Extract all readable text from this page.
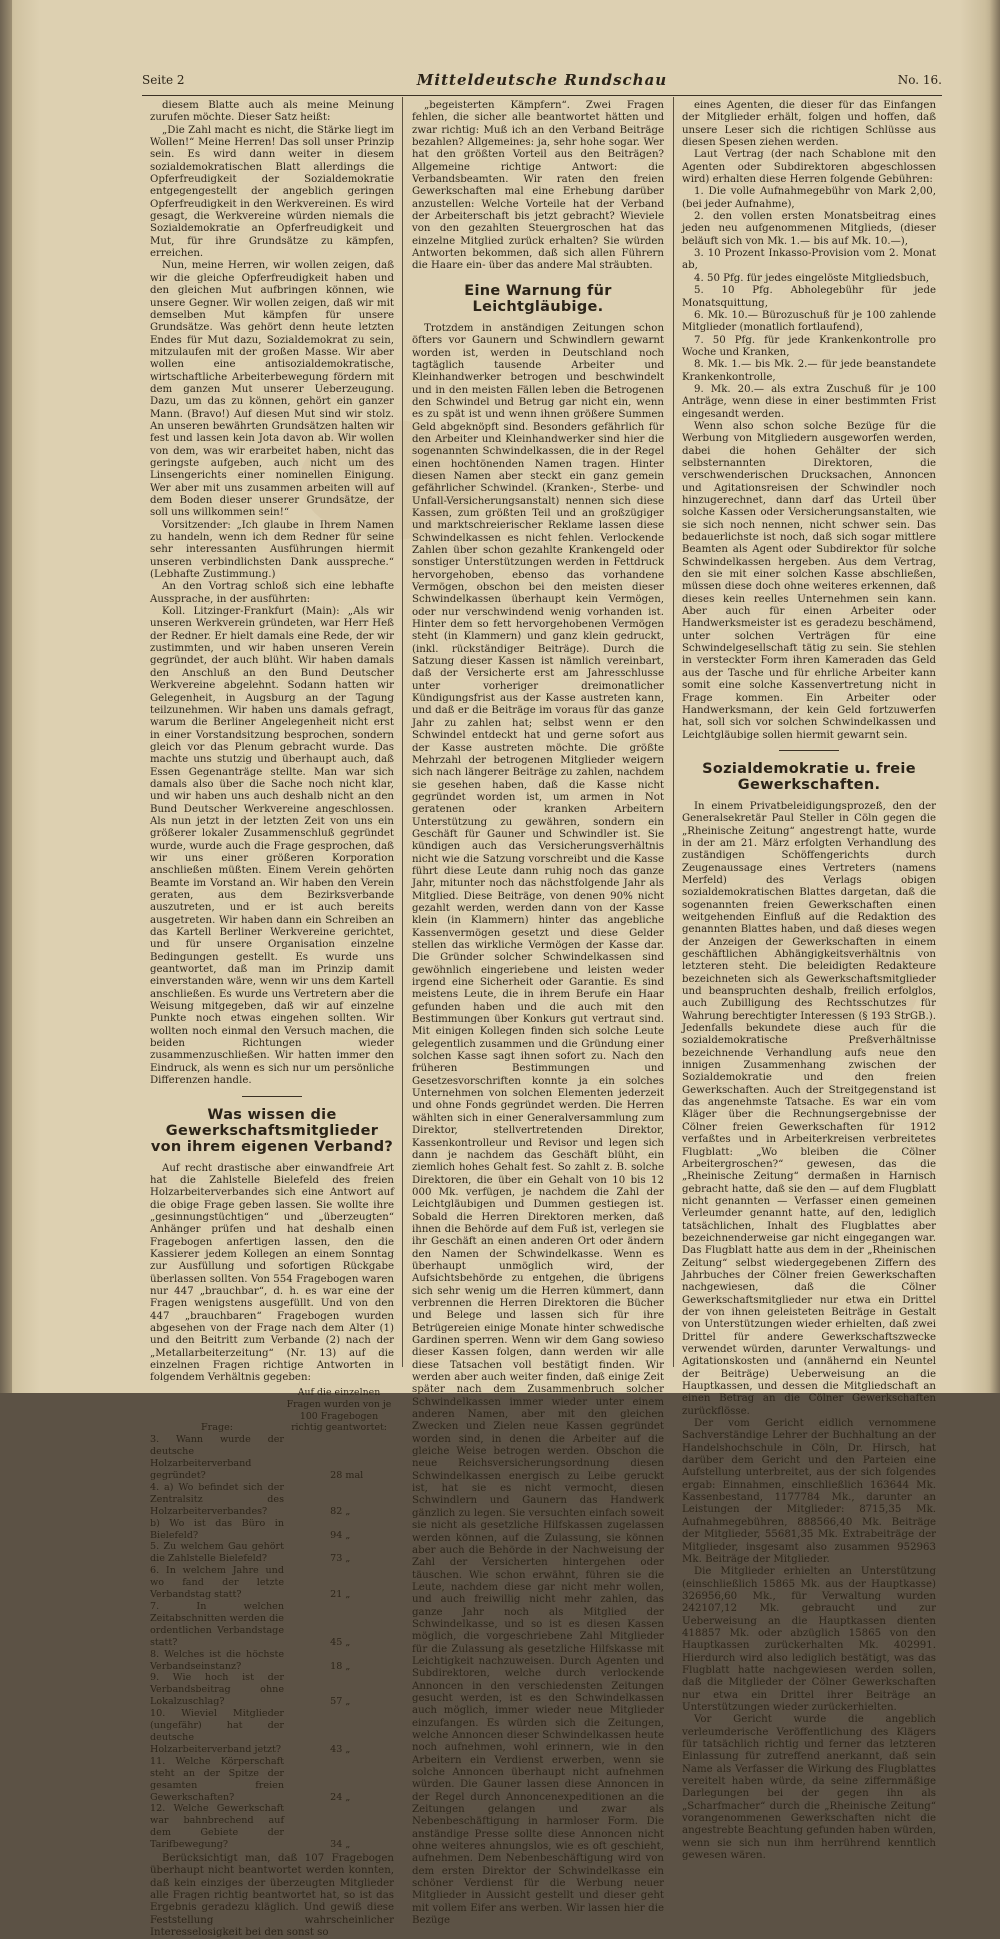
Seite 2	Mitteldeutsche Rundschau	No. 16.

diesem Blatte auch als meine Meinung zurufen möchte. Dieser Satz heißt:

„Die Zahl macht es nicht, die Stärke liegt im Wollen!“ Meine Herren! Das soll unser Prinzip sein. Es wird dann weiter in diesem sozialdemokratischen Blatt allerdings die Opferfreudigkeit der Sozialdemokratie entgegengestellt der angeblich geringen Opferfreudigkeit in den Werkvereinen. Es wird gesagt, die Werkvereine würden niemals die Sozialdemokratie an Opferfreudigkeit und Mut, für ihre Grundsätze zu kämpfen, erreichen.

Nun, meine Herren, wir wollen zeigen, daß wir die gleiche Opferfreudigkeit haben und den gleichen Mut aufbringen können, wie unsere Gegner. Wir wollen zeigen, daß wir mit demselben Mut kämpfen für unsere Grundsätze. Was gehört denn heute letzten Endes für Mut dazu, Sozialdemokrat zu sein, mitzulaufen mit der großen Masse. Wir aber wollen eine antisozialdemokratische, wirtschaftliche Arbeiterbewegung fördern mit dem ganzen Mut unserer Ueberzeugung. Dazu, um das zu können, gehört ein ganzer Mann. (Bravo!) Auf diesen Mut sind wir stolz. An unseren bewährten Grundsätzen halten wir fest und lassen kein Jota davon ab. Wir wollen von dem, was wir erarbeitet haben, nicht das geringste aufgeben, auch nicht um des Linsengerichts einer nominellen Einigung. Wer aber mit uns zusammen arbeiten will auf dem Boden dieser unserer Grundsätze, der soll uns willkommen sein!“

Vorsitzender: „Ich glaube in Ihrem Namen zu handeln, wenn ich dem Redner für seine sehr interessanten Ausführungen hiermit unseren verbindlichsten Dank ausspreche.“ (Lebhafte Zustimmung.)

An den Vortrag schloß sich eine lebhafte Aussprache, in der ausführten:

Koll. Litzinger-Frankfurt (Main): „Als wir unseren Werkverein gründeten, war Herr Heß der Redner. Er hielt damals eine Rede, der wir zustimmten, und wir haben unseren Verein gegründet, der auch blüht. Wir haben damals den Anschluß an den Bund Deutscher Werkvereine abgelehnt. Sodann hatten wir Gelegenheit, in Augsburg an der Tagung teilzunehmen. Wir haben uns damals gefragt, warum die Berliner Angelegenheit nicht erst in einer Vorstandsitzung besprochen, sondern gleich vor das Plenum gebracht wurde. Das machte uns stutzig und überhaupt auch, daß Essen Gegenanträge stellte. Man war sich damals also über die Sache noch nicht klar, und wir haben uns auch deshalb nicht an den Bund Deutscher Werkvereine angeschlossen. Als nun jetzt in der letzten Zeit von uns ein größerer lokaler Zusammenschluß gegründet wurde, wurde auch die Frage gesprochen, daß wir uns einer größeren Korporation anschließen müßten. Einem Verein gehörten Beamte im Vorstand an. Wir haben den Verein geraten, aus dem Bezirksverbande auszutreten, und er ist auch bereits ausgetreten. Wir haben dann ein Schreiben an das Kartell Berliner Werkvereine gerichtet, und für unsere Organisation einzelne Bedingungen gestellt. Es wurde uns geantwortet, daß man im Prinzip damit einverstanden wäre, wenn wir uns dem Kartell anschließen. Es wurde uns Vertretern aber die Weisung mitgegeben, daß wir auf einzelne Punkte noch etwas eingehen sollten. Wir wollten noch einmal den Versuch machen, die beiden Richtungen wieder zusammenzuschließen. Wir hatten immer den Eindruck, als wenn es sich nur um persönliche Differenzen handle.

Was wissen die Gewerkschaftsmitglieder von ihrem eigenen Verband?

Auf recht drastische aber einwandfreie Art hat die Zahlstelle Bielefeld des freien Holzarbeiterverbandes sich eine Antwort auf die obige Frage geben lassen. Sie wollte ihre „gesinnungstüchtigen“ und „überzeugten“ Anhänger prüfen und hat deshalb einen Fragebogen anfertigen lassen, den die Kassierer jedem Kollegen an einem Sonntag zur Ausfüllung und sofortigen Rückgabe überlassen sollten. Von 554 Fragebogen waren nur 447 „brauchbar“, d. h. es war eine der Fragen wenigstens ausgefüllt. Und von den 447 „brauchbaren“ Fragebogen wurden abgesehen von der Frage nach dem Alter (1) und den Beitritt zum Verbande (2) nach der „Metallarbeiterzeitung“ (Nr. 13) auf die einzelnen Fragen richtige Antworten in folgendem Verhältnis gegeben:

Frage:	Auf die einzelnen Fragen wurden von je 100 Fragebogen richtig geantwortet:	
3. Wann wurde der deutsche Holzarbeiterverband gegründet?	28	mal
4. a) Wo befindet sich der Zentralsitz des Holzarbeiterverbandes?	82	„
b) Wo ist das Büro in Bielefeld?	94	„
5. Zu welchem Gau gehört die Zahlstelle Bielefeld?	73	„
6. In welchem Jahre und wo fand der letzte Verbandstag statt?	21	„
7. In welchen Zeitabschnitten werden die ordentlichen Verbandstage statt?	45	„
8. Welches ist die höchste Verbandseinstanz?	18	„
9. Wie hoch ist der Verbandsbeitrag ohne Lokalzuschlag?	57	„
10. Wieviel Mitglieder (ungefähr) hat der deutsche Holzarbeiterverband jetzt?	43	„
11. Welche Körperschaft steht an der Spitze der gesamten freien Gewerkschaften?	24	„
12. Welche Gewerkschaft war bahnbrechend auf dem Gebiete der Tarifbewegung?	34	„

Berücksichtigt man, daß 107 Fragebogen überhaupt nicht beantwortet werden konnten, daß kein einziges der überzeugten Mitglieder alle Fragen richtig beantwortet hat, so ist das Ergebnis geradezu kläglich. Und gewiß diese Feststellung wahrscheinlicher Interesselosigkeit bei den sonst so

„begeisterten Kämpfern“. Zwei Fragen fehlen, die sicher alle beantwortet hätten und zwar richtig: Muß ich an den Verband Beiträge bezahlen? Allgemeines: ja, sehr hohe sogar. Wer hat den größten Vorteil aus den Beiträgen? Allgemeine richtige Antwort: die Verbandsbeamten. Wir raten den freien Gewerkschaften mal eine Erhebung darüber anzustellen: Welche Vorteile hat der Verband der Arbeiterschaft bis jetzt gebracht? Wieviele von den gezahlten Steuergroschen hat das einzelne Mitglied zurück erhalten? Sie würden Antworten bekommen, daß sich allen Führern die Haare ein- über das andere Mal sträubten.

Eine Warnung für Leichtgläubige.

Trotzdem in anständigen Zeitungen schon öfters vor Gaunern und Schwindlern gewarnt worden ist, werden in Deutschland noch tagtäglich tausende Arbeiter und Kleinhandwerker betrogen und beschwindelt und in den meisten Fällen leben die Betrogenen den Schwindel und Betrug gar nicht ein, wenn es zu spät ist und wenn ihnen größere Summen Geld abgeknöpft sind. Besonders gefährlich für den Arbeiter und Kleinhandwerker sind hier die sogenannten Schwindelkassen, die in der Regel einen hochtönenden Namen tragen. Hinter diesen Namen aber steckt ein ganz gemein gefährlicher Schwindel. (Kranken-, Sterbe- und Unfall-Versicherungsanstalt) nennen sich diese Kassen, zum größten Teil und an großzügiger und marktschreierischer Reklame lassen diese Schwindelkassen es nicht fehlen. Verlockende Zahlen über schon gezahlte Krankengeld oder sonstiger Unterstützungen werden in Fettdruck hervorgehoben, ebenso das vorhandene Vermögen, obschon bei den meisten dieser Schwindelkassen überhaupt kein Vermögen, oder nur verschwindend wenig vorhanden ist. Hinter dem so fett hervorgehobenen Vermögen steht (in Klammern) und ganz klein gedruckt, (inkl. rückständiger Beiträge). Durch die Satzung dieser Kassen ist nämlich vereinbart, daß der Versicherte erst am Jahresschlusse unter vorheriger dreimonatlicher Kündigungsfrist aus der Kasse austreten kann, und daß er die Beiträge im voraus für das ganze Jahr zu zahlen hat; selbst wenn er den Schwindel entdeckt hat und gerne sofort aus der Kasse austreten möchte. Die größte Mehrzahl der betrogenen Mitglieder weigern sich nach längerer Beiträge zu zahlen, nachdem sie gesehen haben, daß die Kasse nicht gegründet worden ist, um armen in Not geratenen oder kranken Arbeitern Unterstützung zu gewähren, sondern ein Geschäft für Gauner und Schwindler ist. Sie kündigen auch das Versicherungsverhältnis nicht wie die Satzung vorschreibt und die Kasse führt diese Leute dann ruhig noch das ganze Jahr, mitunter noch das nächstfolgende Jahr als Mitglied. Diese Beiträge, von denen 90% nicht gezahlt werden, werden dann von der Kasse klein (in Klammern) hinter das angebliche Kassenvermögen gesetzt und diese Gelder stellen das wirkliche Vermögen der Kasse dar. Die Gründer solcher Schwindelkassen sind gewöhnlich eingeriebene und leisten weder irgend eine Sicherheit oder Garantie. Es sind meistens Leute, die in ihrem Berufe ein Haar gefunden haben und die auch mit den Bestimmungen über Konkurs gut vertraut sind. Mit einigen Kollegen finden sich solche Leute gelegentlich zusammen und die Gründung einer solchen Kasse sagt ihnen sofort zu. Nach den früheren Bestimmungen und Gesetzesvorschriften konnte ja ein solches Unternehmen von solchen Elementen jederzeit und ohne Fonds gegründet werden. Die Herren wählten sich in einer Generalversammlung zum Direktor, stellvertretenden Direktor, Kassenkontrolleur und Revisor und legen sich dann je nachdem das Geschäft blüht, ein ziemlich hohes Gehalt fest. So zahlt z. B. solche Direktoren, die über ein Gehalt von 10 bis 12 000 Mk. verfügen, je nachdem die Zahl der Leichtgläubigen und Dummen gestiegen ist. Sobald die Herren Direktoren merken, daß ihnen die Behörde auf dem Fuß ist, verlegen sie ihr Geschäft an einen anderen Ort oder ändern den Namen der Schwindelkasse. Wenn es überhaupt unmöglich wird, der Aufsichtsbehörde zu entgehen, die übrigens sich sehr wenig um die Herren kümmert, dann verbrennen die Herren Direktoren die Bücher und Belege und lassen sich für ihre Betrügereien einige Monate hinter schwedische Gardinen sperren. Wenn wir dem Gang sowieso dieser Kassen folgen, dann werden wir alle diese Tatsachen voll bestätigt finden. Wir werden aber auch weiter finden, daß einige Zeit später nach dem Zusammenbruch solcher Schwindelkassen immer wieder unter einem anderen Namen, aber mit den gleichen Zwecken und Zielen neue Kassen gegründet worden sind, in denen die Arbeiter auf die gleiche Weise betrogen werden. Obschon die neue Reichsversicherungsordnung diesen Schwindelkassen energisch zu Leibe geruckt ist, hat sie es nicht vermocht, diesen Schwindlern und Gaunern das Handwerk gänzlich zu legen. Sie versuchten einfach soweit sie nicht als gesetzliche Hilfskassen zugelassen werden können, auf die Zulassung, sie können aber auch die Behörde in der Nachweisung der Zahl der Versicherten hintergehen oder täuschen. Wie schon erwähnt, führen sie die Leute, nachdem diese gar nicht mehr wollen, und auch freiwillig nicht mehr zahlen, das ganze Jahr noch als Mitglied der Schwindelkasse, und so ist es diesen Kassen möglich, die vorgeschriebene Zahl Mitglieder für die Zulassung als gesetzliche Hilfskasse mit Leichtigkeit nachzuweisen. Durch Agenten und Subdirektoren, welche durch verlockende Annoncen in den verschiedensten Zeitungen gesucht werden, ist es den Schwindelkassen auch möglich, immer wieder neue Mitglieder einzufangen. Es würden sich die Zeitungen, welche Annoncen dieser Schwindelkassen heute noch aufnehmen, wohl erinnern, wie in den Arbeitern ein Verdienst erwerben, wenn sie solche Annoncen überhaupt nicht aufnehmen würden. Die Gauner lassen diese Annoncen in der Regel durch Annoncenexpeditionen an die Zeitungen gelangen und zwar als Nebenbeschäftigung in harmloser Form. Die anständige Presse sollte diese Annoncen nicht ohne weiteres ahnungslos, wie es oft geschieht, aufnehmen. Dem Nebenbeschäftigung wird von dem ersten Direktor der Schwindelkasse ein schöner Verdienst für die Werbung neuer Mitglieder in Aussicht gestellt und dieser geht mit vollem Eifer ans werben. Wir lassen hier die Bezüge

eines Agenten, die dieser für das Einfangen der Mitglieder erhält, folgen und hoffen, daß unsere Leser sich die richtigen Schlüsse aus diesen Spesen ziehen werden.

Laut Vertrag (der nach Schablone mit den Agenten oder Subdirektoren abgeschlossen wird) erhalten diese Herren folgende Gebühren:

1. Die volle Aufnahmegebühr von Mark 2,00, (bei jeder Aufnahme),

2. den vollen ersten Monatsbeitrag eines jeden neu aufgenommenen Mitglieds, (dieser beläuft sich von Mk. 1.— bis auf Mk. 10.—),

3. 10 Prozent Inkasso-Provision vom 2. Monat ab,

4. 50 Pfg. für jedes eingelöste Mitgliedsbuch,

5. 10 Pfg. Abholegebühr für jede Monatsquittung,

6. Mk. 10.— Bürozuschuß für je 100 zahlende Mitglieder (monatlich fortlaufend),

7. 50 Pfg. für jede Krankenkontrolle pro Woche und Kranken,

8. Mk. 1.— bis Mk. 2.— für jede beanstandete Krankenkontrolle,

9. Mk. 20.— als extra Zuschuß für je 100 Anträge, wenn diese in einer bestimmten Frist eingesandt werden.

Wenn also schon solche Bezüge für die Werbung von Mitgliedern ausgeworfen werden, dabei die hohen Gehälter der sich selbsternannten Direktoren, die verschwenderischen Drucksachen, Annoncen und Agitationsreisen der Schwindler noch hinzugerechnet, dann darf das Urteil über solche Kassen oder Versicherungsanstalten, wie sie sich noch nennen, nicht schwer sein. Das bedauerlichste ist noch, daß sich sogar mittlere Beamten als Agent oder Subdirektor für solche Schwindelkassen hergeben. Aus dem Vertrag, den sie mit einer solchen Kasse abschließen, müssen diese doch ohne weiteres erkennen, daß dieses kein reelles Unternehmen sein kann. Aber auch für einen Arbeiter oder Handwerksmeister ist es geradezu beschämend, unter solchen Verträgen für eine Schwindelgesellschaft tätig zu sein. Sie stehlen in versteckter Form ihren Kameraden das Geld aus der Tasche und für ehrliche Arbeiter kann somit eine solche Kassenvertretung nicht in Frage kommen. Ein Arbeiter oder Handwerksmann, der kein Geld fortzuwerfen hat, soll sich vor solchen Schwindelkassen und Leichtgläubige sollen hiermit gewarnt sein.

Sozialdemokratie u. freie Gewerkschaften.

In einem Privatbeleidigungsprozeß, den der Generalsekretär Paul Steller in Cöln gegen die „Rheinische Zeitung“ angestrengt hatte, wurde in der am 21. März erfolgten Verhandlung des zuständigen Schöffengerichts durch Zeugenaussage eines Vertreters (namens Merfeld) des Verlags obigen sozialdemokratischen Blattes dargetan, daß die sogenannten freien Gewerkschaften einen weitgehenden Einfluß auf die Redaktion des genannten Blattes haben, und daß dieses wegen der Anzeigen der Gewerkschaften in einem geschäftlichen Abhängigkeitsverhältnis von letzteren steht. Die beleidigten Redakteure bezeichneten sich als Gewerkschaftsmitglieder und beanspruchten deshalb, freilich erfolglos, auch Zubilligung des Rechtsschutzes für Wahrung berechtigter Interessen (§ 193 StrGB.). Jedenfalls bekundete diese auch für die sozialdemokratische Preßverhältnisse bezeichnende Verhandlung aufs neue den innigen Zusammenhang zwischen der Sozialdemokratie und den freien Gewerkschaften. Auch der Streitgegenstand ist das angenehmste Tatsache. Es war ein vom Kläger über die Rechnungsergebnisse der Cölner freien Gewerkschaften für 1912 verfaßtes und in Arbeiterkreisen verbreitetes Flugblatt: „Wo bleiben die Cölner Arbeitergroschen?“ gewesen, das die „Rheinische Zeitung“ dermaßen in Harnisch gebracht hatte, daß sie den — auf dem Flugblatt nicht genannten — Verfasser einen gemeinen Verleumder genannt hatte, auf den, lediglich tatsächlichen, Inhalt des Flugblattes aber bezeichnenderweise gar nicht eingegangen war. Das Flugblatt hatte aus dem in der „Rheinischen Zeitung“ selbst wiedergegebenen Ziffern des Jahrbuches der Cölner freien Gewerkschaften nachgewiesen, daß die Cölner Gewerkschaftsmitglieder nur etwa ein Drittel der von ihnen geleisteten Beiträge in Gestalt von Unterstützungen wieder erhielten, daß zwei Drittel für andere Gewerkschaftszwecke verwendet würden, darunter Verwaltungs- und Agitationskosten und (annähernd ein Neuntel der Beiträge) Ueberweisung an die Hauptkassen, und dessen die Mitgliedschaft an einen Betrag an die Cölner Gewerkschaften zurückflösse.

Der vom Gericht eidlich vernommene Sachverständige Lehrer der Buchhaltung an der Handelshochschule in Cöln, Dr. Hirsch, hat darüber dem Gericht und den Parteien eine Aufstellung unterbreitet, aus der sich folgendes ergab: Einnahmen, einschließlich 163644 Mk. Kassenbestand, 1177784 Mk., darunter an Leistungen der Mitglieder: 8715,35 Mk. Aufnahmegebühren, 888566,40 Mk. Beiträge der Mitglieder, 55681,35 Mk. Extrabeiträge der Mitglieder, insgesamt also zusammen 952963 Mk. Beiträge der Mitglieder.

Die Mitglieder erhielten an Unterstützung (einschließlich 15865 Mk. aus der Hauptkasse) 326956,60 Mk., für Verwaltung wurden 242107,12 Mk. gebraucht und zur Ueberweisung an die Hauptkassen dienten 418857 Mk. oder abzüglich 15865 von den Hauptkassen zurückerhalten Mk. 402991. Hierdurch wird also lediglich bestätigt, was das Flugblatt hatte nachgewiesen werden sollen, daß die Mitglieder der Cölner Gewerkschaften nur etwa ein Drittel ihrer Beiträge an Unterstützungen wieder zurückerhielten.

Vor Gericht wurde die angeblich verleumderische Veröffentlichung des Klägers für tatsächlich richtig und ferner das letzteren Einlassung für zutreffend anerkannt, daß sein Name als Verfasser die Wirkung des Flugblattes vereitelt haben würde, da seine ziffernmäßige Darlegungen bei der gegen ihn als „Scharfmacher“ durch die „Rheinische Zeitung“ vorangenommenen Gewerkschaften nicht die angestrebte Beachtung gefunden haben würden, wenn sie sich nun ihm herrührend kenntlich gewesen wären.
